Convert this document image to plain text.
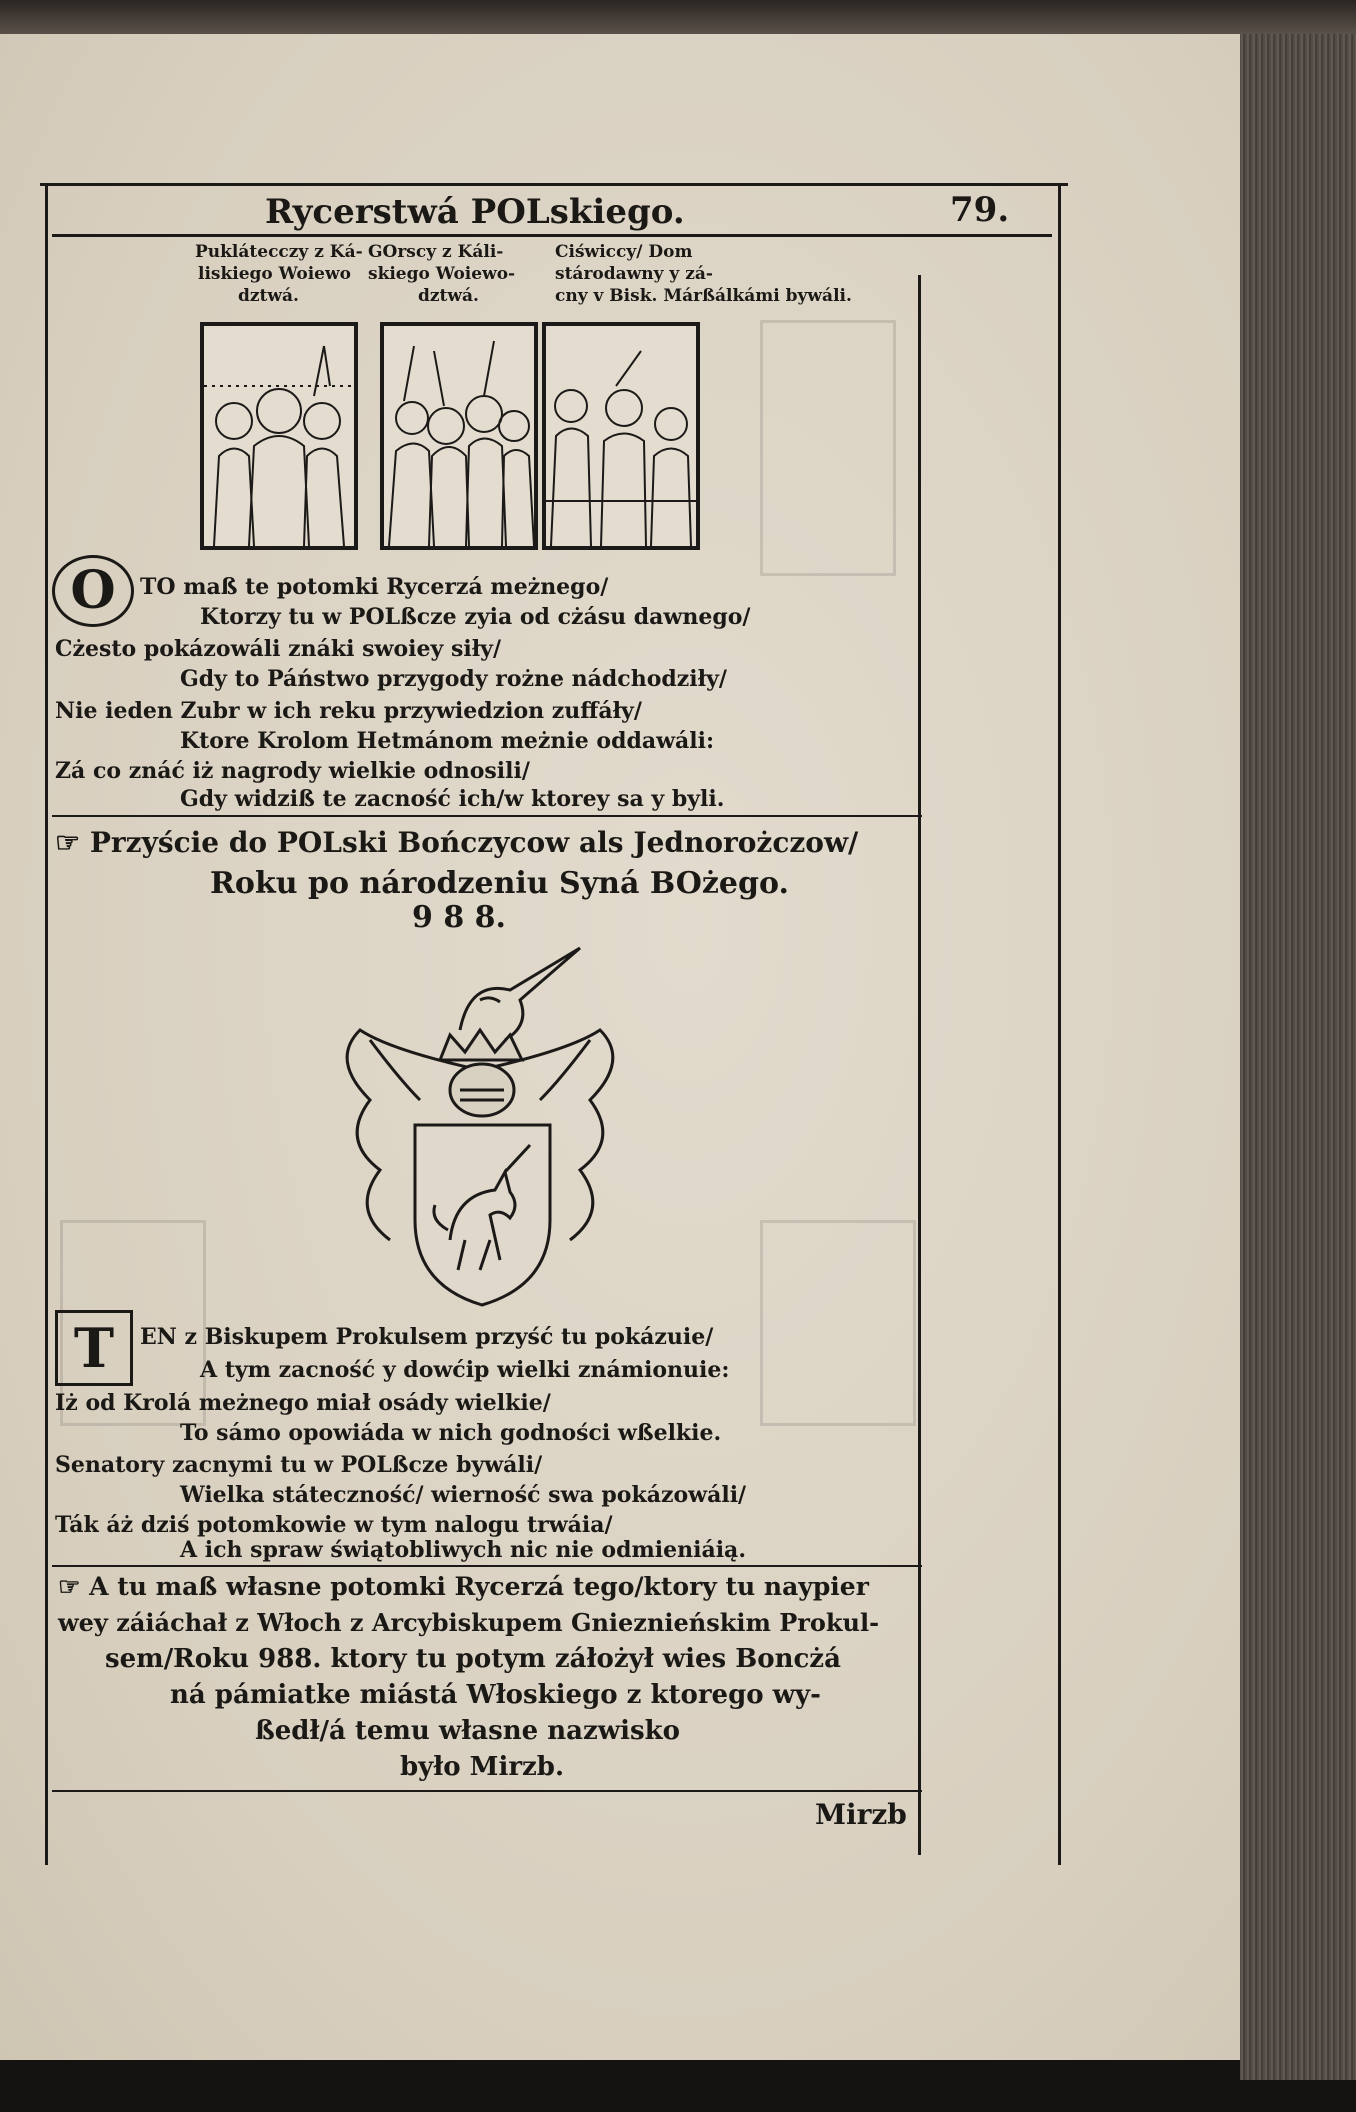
Rycerstwá POLskiego.	79.
Puklátecczy z Ká-
liskiego Woiewo
dztwá.
GOrscy z Káli-
skiego Woiewo-
dztwá.
Ciświccy/ Dom
stárodawny y zá-
cny v Bisk. Márßálkámi bywáli.
O	TO maß te potomki Rycerzá meżnego/
Ktorzy tu w POLßcze zyia od cżásu dawnego/
Cżesto pokázowáli znáki swoiey siły/
Gdy to Páństwo przygody rożne nádchodziły/
Nie ieden Zubr w ich reku przywiedzion zuffáły/
Ktore Krolom Hetmánom meżnie oddawáli:
Zá co znáć iż nagrody wielkie odnosili/
Gdy widziß te zacność ich/w ktorey sa y byli.
☞ Przyście do POLski Bończycow als Jednorożczow/
Roku po národzeniu Syná BOżego.
9 8 8.
T	EN z Biskupem Prokulsem przyść tu pokázuie/
A tym zacność y dowćip wielki známionuie:
Iż od Krolá meżnego miał osády wielkie/
To sámo opowiáda w nich godności wßelkie.
Senatory zacnymi tu w POLßcze bywáli/
Wielka státeczność/ wierność swa pokázowáli/
Ták áż dziś potomkowie w tym nalogu trwáia/
A ich spraw świątobliwych nic nie odmieniáią.
☞ A tu maß własne potomki Rycerzá tego/ktory tu naypier
wey záiáchał z Włoch z Arcybiskupem Gnieznieńskim Prokul-
sem/Roku 988. ktory tu potym záłożył wies Boncżá
ná pámiatke miástá Włoskiego z ktorego wy-
ßedł/á temu własne nazwisko
było Mirzb.
Mirzb
